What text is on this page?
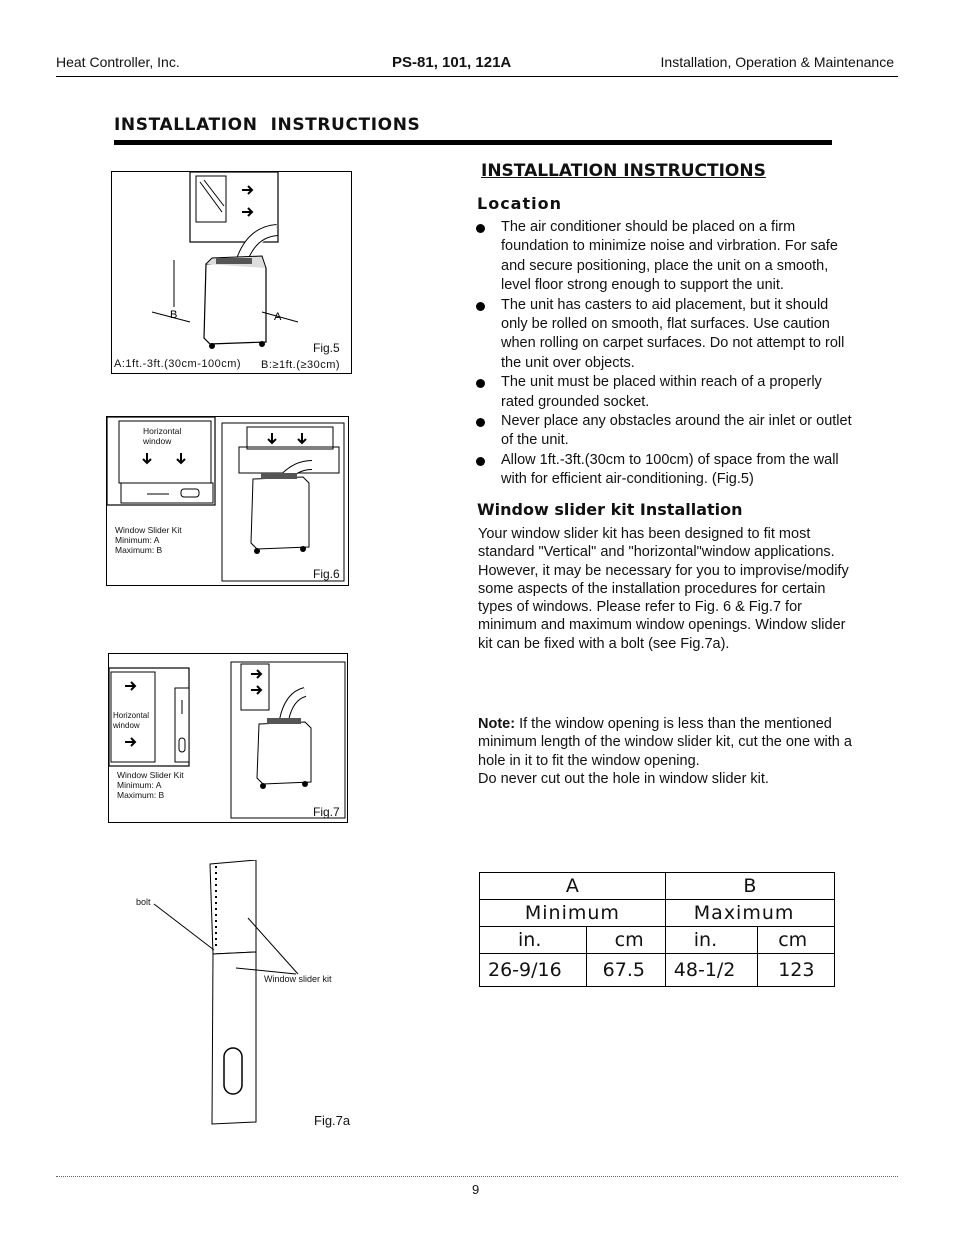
Heat Controller, Inc.	PS-81, 101, 121A	Installation, Operation & Maintenance
INSTALLATION  INSTRUCTIONS
INSTALLATION INSTRUCTIONS
Location
The air conditioner should be placed on a firm foundation to minimize noise and virbration. For safe and secure positioning, place the unit on a smooth, level floor strong enough to support the unit.
The unit has casters to aid placement, but it should only be rolled on smooth, flat surfaces. Use caution when rolling on carpet surfaces. Do not attempt to roll the unit over objects.
The unit must be placed within reach of a properly rated grounded socket.
Never place any obstacles around the air inlet or outlet of the unit.
Allow 1ft.-3ft.(30cm to 100cm) of space from the wall with for efficient air-conditioning. (Fig.5)
Window slider kit Installation
Your window slider kit has been designed to fit most standard "Vertical" and "horizontal"window applications. However, it may be necessary for you to improvise/modify some aspects of the installation procedures for certain types of windows. Please refer to Fig. 6 & Fig.7 for minimum and maximum window openings. Window slider kit can be fixed with a bolt (see Fig.7a).
Note: If the window opening is less than the mentioned minimum length of the window slider kit, cut the one with a hole in it to fit the window opening.
Do never cut out the hole in window slider kit.
B	A
Fig.5
A:1ft.-3ft.(30cm-100cm) B:≥1ft.(≥30cm)
Horizontal
window
Window Slider Kit
Minimum: A
Maximum: B
Fig.6
Horizontal
window
Window Slider Kit
Minimum: A
Maximum: B
Fig.7
bolt
Window slider kit
Fig.7a
A		B	
Minimum		Maximum	
in.	cm	in.	cm
26-9/16	67.5	48-1/2	123
9
